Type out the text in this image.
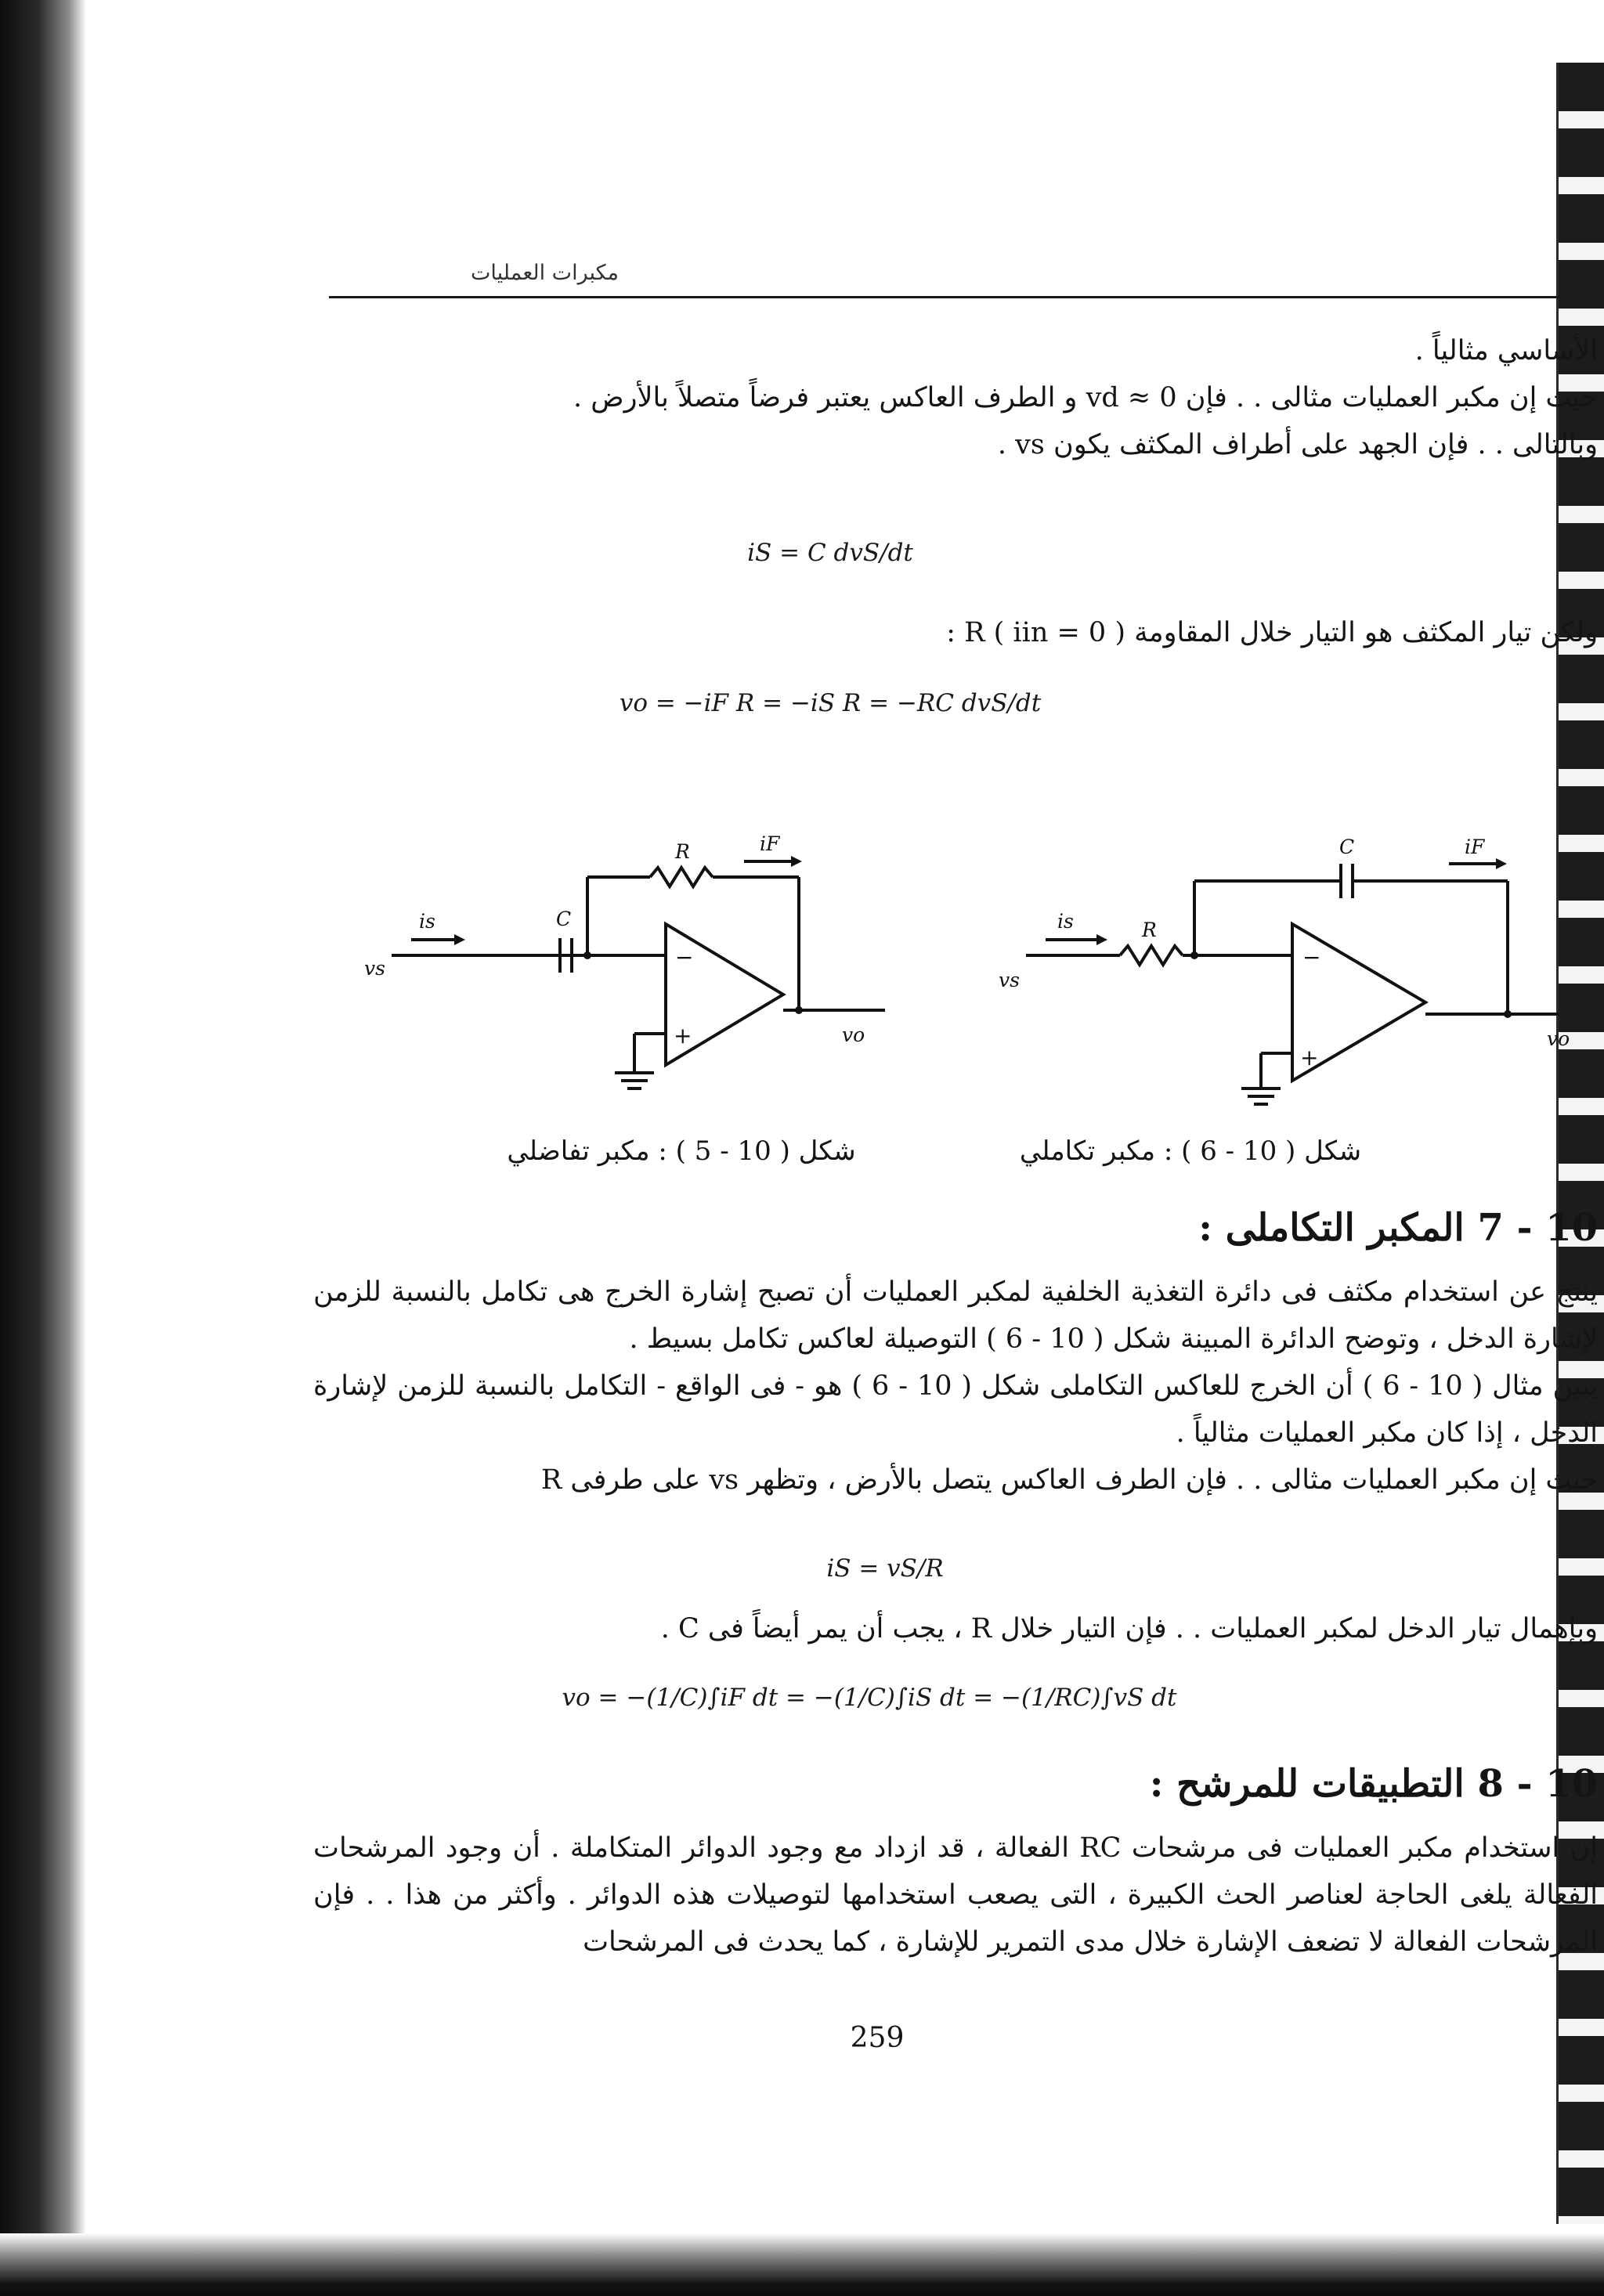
مكبرات العمليات

الأساسي مثالياً .

حيث إن مكبر العمليات مثالى . . فإن 0 ≈ vd و الطرف العاكس يعتبر فرضاً متصلاً بالأرض .

وبالتالى . . فإن الجهد على أطراف المكثف يكون vs .

iS = C dvS/dt
ولكن تيار المكثف هو التيار خلال المقاومة R ( iin = 0 ) :
vo = −iF R = −iS R = −RC dvS/dt
is
vs
C
R	iF
vo
−
+
is
vs
R
C	iF
vo
−
+
شكل ( 10 - 5 ) : مكبر تفاضلي	شكل ( 10 - 6 ) : مكبر تكاملي
10 - 7 المكبر التكاملى :

ينتج عن استخدام مكثف فى دائرة التغذية الخلفية لمكبر العمليات أن تصبح إشارة الخرج هى تكامل بالنسبة للزمن لإشارة الدخل ، وتوضح الدائرة المبينة شكل ( 10 - 6 ) التوصيلة لعاكس تكامل بسيط .

يبين مثال ( 10 - 6 ) أن الخرج للعاكس التكاملى شكل ( 10 - 6 ) هو - فى الواقع - التكامل بالنسبة للزمن لإشارة الدخل ، إذا كان مكبر العمليات مثالياً .

حيث إن مكبر العمليات مثالى . . فإن الطرف العاكس يتصل بالأرض ، وتظهر vs على طرفى R

iS = vS/R
وبإهمال تيار الدخل لمكبر العمليات . . فإن التيار خلال R ، يجب أن يمر أيضاً فى C .
vo = −(1/C)∫iF dt = −(1/C)∫iS dt = −(1/RC)∫vS dt
10 - 8 التطبيقات للمرشح :

إن استخدام مكبر العمليات فى مرشحات RC الفعالة ، قد ازداد مع وجود الدوائر المتكاملة . أن وجود المرشحات الفعالة يلغى الحاجة لعناصر الحث الكبيرة ، التى يصعب استخدامها لتوصيلات هذه الدوائر . وأكثر من هذا . . فإن المرشحات الفعالة لا تضعف الإشارة خلال مدى التمرير للإشارة ، كما يحدث فى المرشحات

259
